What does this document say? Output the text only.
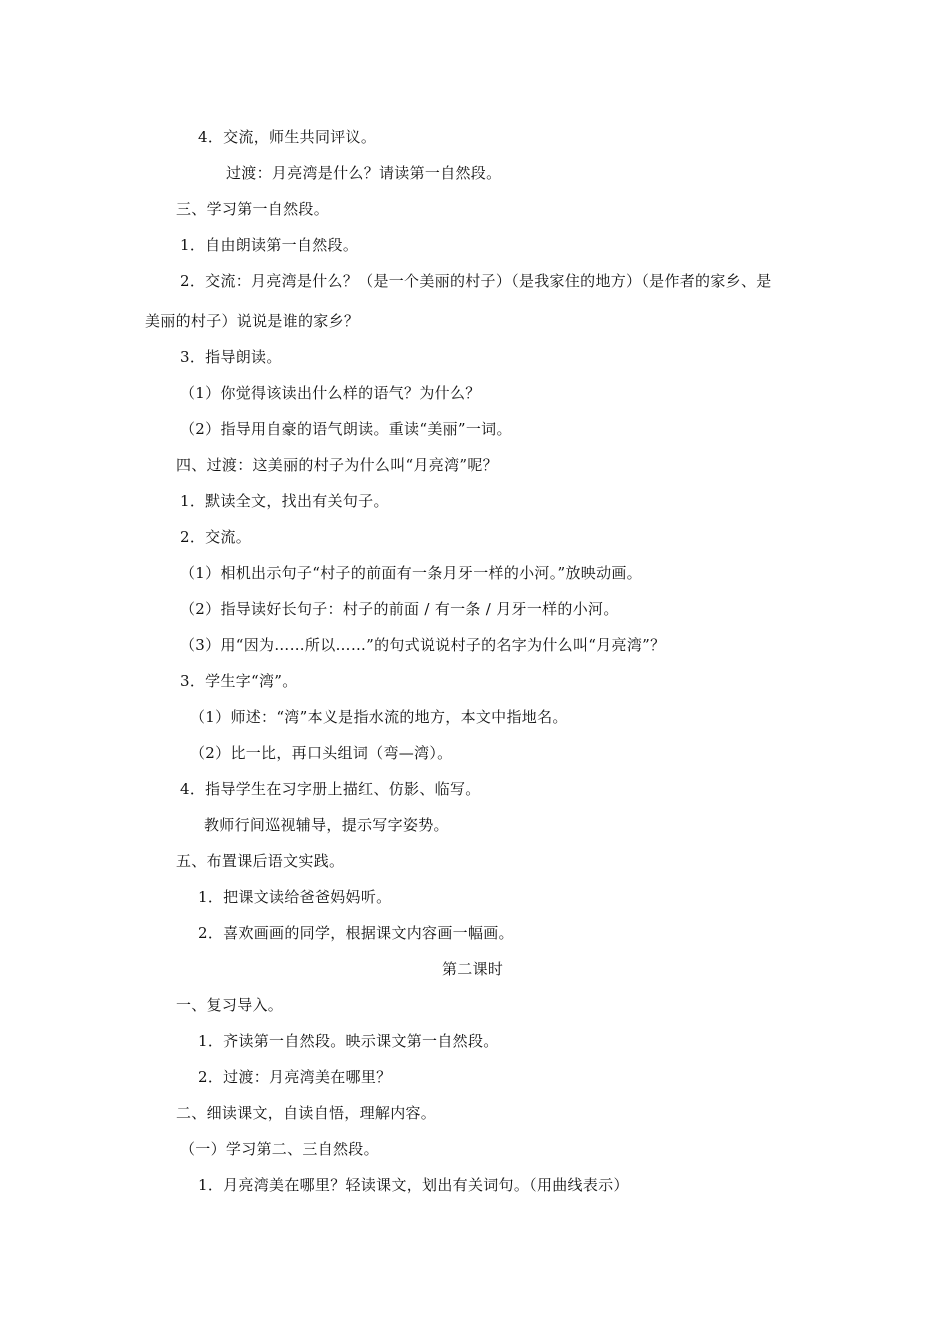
4．交流，师生共同评议。
过渡：月亮湾是什么？请读第一自然段。
三、学习第一自然段。
1．自由朗读第一自然段。
2．交流：月亮湾是什么？（是一个美丽的村子）（是我家住的地方）（是作者的家乡、是
美丽的村子）说说是谁的家乡？
3．指导朗读。
（1）你觉得该读出什么样的语气？为什么？
（2）指导用自豪的语气朗读。重读“美丽”一词。
四、过渡：这美丽的村子为什么叫“月亮湾”呢？
1．默读全文，找出有关句子。
2．交流。
（1）相机出示句子“村子的前面有一条月牙一样的小河。”放映动画。
（2）指导读好长句子：村子的前面 / 有一条 / 月牙一样的小河。
（3）用“因为……所以……”的句式说说村子的名字为什么叫“月亮湾”？
3．学生字“湾”。
（1）师述：“湾”本义是指水流的地方，本文中指地名。
（2）比一比，再口头组词（弯—湾）。
4．指导学生在习字册上描红、仿影、临写。
教师行间巡视辅导，提示写字姿势。
五、布置课后语文实践。
1．把课文读给爸爸妈妈听。
2．喜欢画画的同学，根据课文内容画一幅画。
第二课时
一、复习导入。
1．齐读第一自然段。映示课文第一自然段。
2．过渡：月亮湾美在哪里？
二、细读课文，自读自悟，理解内容。
（一）学习第二、三自然段。
1．月亮湾美在哪里？轻读课文，划出有关词句。（用曲线表示）
